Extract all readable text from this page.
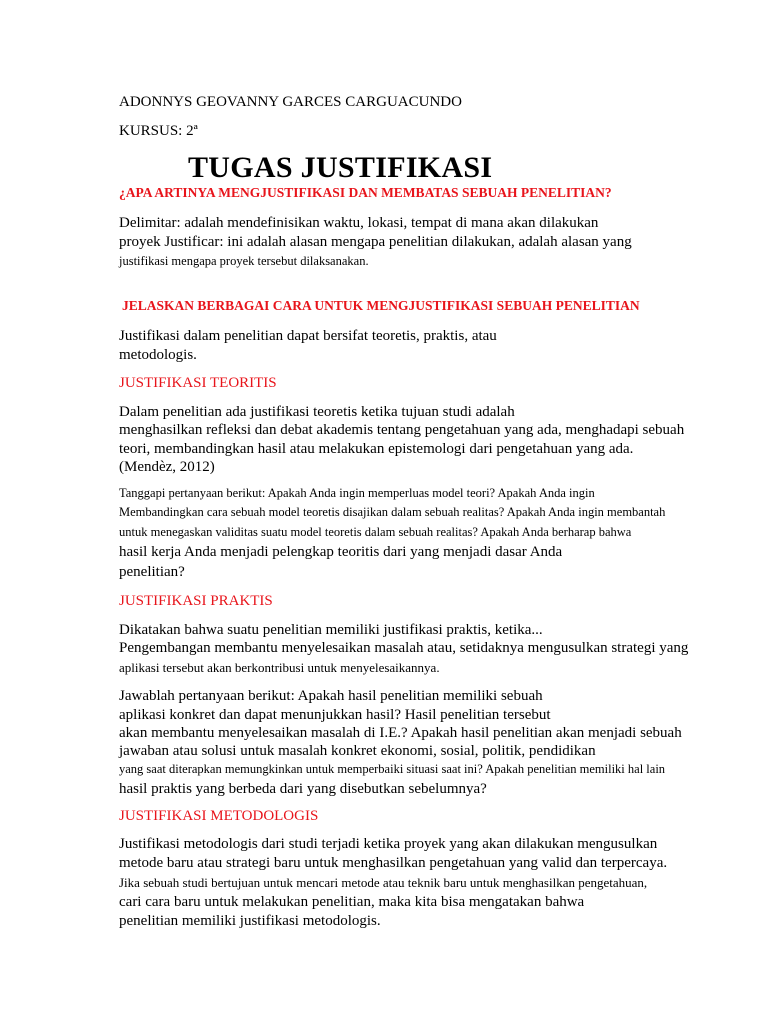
ADONNYS GEOVANNY GARCES CARGUACUNDO
KURSUS: 2ª
TUGAS JUSTIFIKASI
¿APA ARTINYA MENGJUSTIFIKASI DAN MEMBATAS SEBUAH PENELITIAN?
Delimitar: adalah mendefinisikan waktu, lokasi, tempat di mana akan dilakukan
proyek Justificar: ini adalah alasan mengapa penelitian dilakukan, adalah alasan yang
justifikasi mengapa proyek tersebut dilaksanakan.
JELASKAN BERBAGAI CARA UNTUK MENGJUSTIFIKASI SEBUAH PENELITIAN
Justifikasi dalam penelitian dapat bersifat teoretis, praktis, atau
metodologis.
JUSTIFIKASI TEORITIS
Dalam penelitian ada justifikasi teoretis ketika tujuan studi adalah
menghasilkan refleksi dan debat akademis tentang pengetahuan yang ada, menghadapi sebuah
teori, membandingkan hasil atau melakukan epistemologi dari pengetahuan yang ada.
(Mendèz, 2012)
Tanggapi pertanyaan berikut: Apakah Anda ingin memperluas model teori? Apakah Anda ingin
Membandingkan cara sebuah model teoretis disajikan dalam sebuah realitas? Apakah Anda ingin membantah
untuk menegaskan validitas suatu model teoretis dalam sebuah realitas? Apakah Anda berharap bahwa
hasil kerja Anda menjadi pelengkap teoritis dari yang menjadi dasar Anda
penelitian?
JUSTIFIKASI PRAKTIS
Dikatakan bahwa suatu penelitian memiliki justifikasi praktis, ketika...
Pengembangan membantu menyelesaikan masalah atau, setidaknya mengusulkan strategi yang
aplikasi tersebut akan berkontribusi untuk menyelesaikannya.
Jawablah pertanyaan berikut: Apakah hasil penelitian memiliki sebuah
aplikasi konkret dan dapat menunjukkan hasil? Hasil penelitian tersebut
akan membantu menyelesaikan masalah di I.E.? Apakah hasil penelitian akan menjadi sebuah
jawaban atau solusi untuk masalah konkret ekonomi, sosial, politik, pendidikan
yang saat diterapkan memungkinkan untuk memperbaiki situasi saat ini? Apakah penelitian memiliki hal lain
hasil praktis yang berbeda dari yang disebutkan sebelumnya?
JUSTIFIKASI METODOLOGIS
Justifikasi metodologis dari studi terjadi ketika proyek yang akan dilakukan mengusulkan
metode baru atau strategi baru untuk menghasilkan pengetahuan yang valid dan terpercaya.
Jika sebuah studi bertujuan untuk mencari metode atau teknik baru untuk menghasilkan pengetahuan,
cari cara baru untuk melakukan penelitian, maka kita bisa mengatakan bahwa
penelitian memiliki justifikasi metodologis.
